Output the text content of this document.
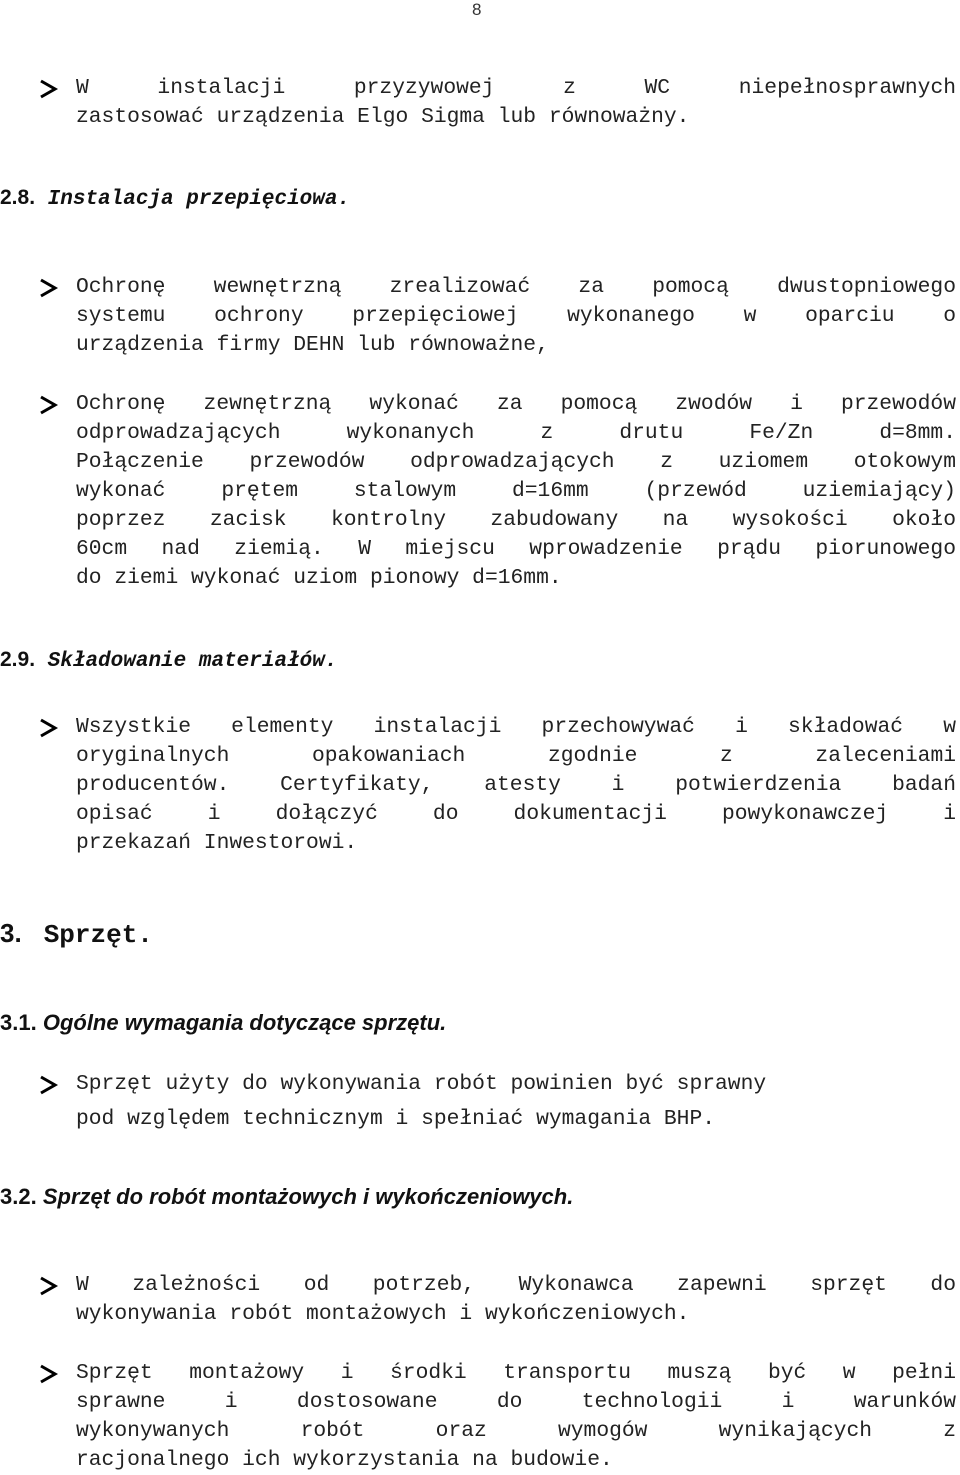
8
W instalacji przyzywowej z WC niepełnosprawnych
zastosować urządzenia Elgo Sigma lub równoważny.
2.8. Instalacja przepięciowa.
Ochronę wewnętrzną zrealizować za pomocą dwustopniowego
systemu ochrony przepięciowej wykonanego w oparciu o
urządzenia firmy DEHN lub równoważne,
Ochronę zewnętrzną wykonać za pomocą zwodów i przewodów
odprowadzających wykonanych z drutu Fe/Zn d=8mm.
Połączenie przewodów odprowadzających z uziomem otokowym
wykonać prętem stalowym d=16mm (przewód uziemiający)
poprzez zacisk kontrolny zabudowany na wysokości około
60cm nad ziemią. W miejscu wprowadzenie prądu piorunowego
do ziemi wykonać uziom pionowy d=16mm.
2.9. Składowanie materiałów.
Wszystkie elementy instalacji przechowywać i składować w
oryginalnych opakowaniach zgodnie z zaleceniami
producentów. Certyfikaty, atesty i potwierdzenia badań
opisać i dołączyć do dokumentacji powykonawczej i
przekazań Inwestorowi.
3. Sprzęt.
3.1. Ogólne wymagania dotyczące sprzętu.
Sprzęt użyty do wykonywania robót powinien być sprawny
pod względem technicznym i spełniać wymagania BHP.
3.2. Sprzęt do robót montażowych i wykończeniowych.
W zależności od potrzeb, Wykonawca zapewni sprzęt do
wykonywania robót montażowych i wykończeniowych.
Sprzęt montażowy i środki transportu muszą być w pełni
sprawne i dostosowane do technologii i warunków
wykonywanych robót oraz wymogów wynikających z
racjonalnego ich wykorzystania na budowie.
